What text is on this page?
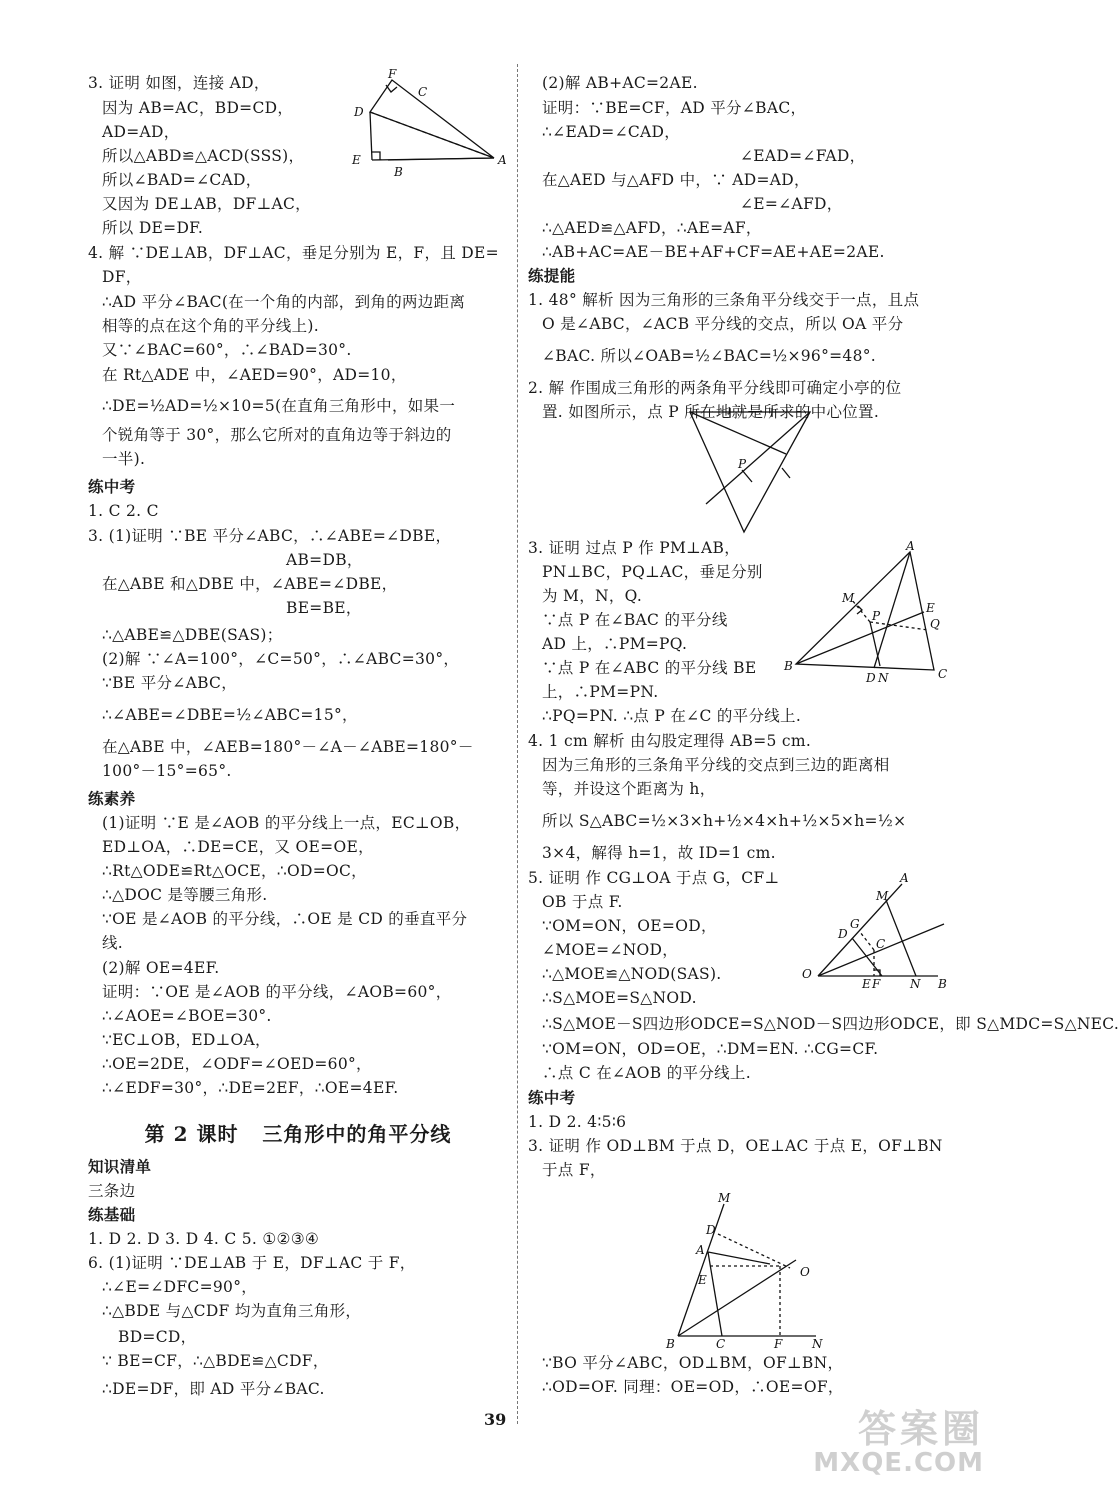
3. 证明 如图，连接 AD，
因为 AB=AC，BD=CD，
AD=AD，
所以△ABD≌△ACD(SSS)，
所以∠BAD=∠CAD，
又因为 DE⊥AB，DF⊥AC，
所以 DE=DF.
4. 解 ∵DE⊥AB，DF⊥AC，垂足分别为 E，F，且 DE=
DF，
∴AD 平分∠BAC(在一个角的内部，到角的两边距离
相等的点在这个角的平分线上).
又∵∠BAC=60°，∴∠BAD=30°.
在 Rt△ADE 中，∠AED=90°，AD=10，
∴DE=½AD=½×10=5(在直角三角形中，如果一
个锐角等于 30°，那么它所对的直角边等于斜边的
一半).
练中考
1. C 2. C
3. (1)证明 ∵BE 平分∠ABC，∴∠ABE=∠DBE，
AB=DB，
在△ABE 和△DBE 中，∠ABE=∠DBE，
BE=BE，
∴△ABE≌△DBE(SAS)；
(2)解 ∵∠A=100°，∠C=50°，∴∠ABC=30°，
∵BE 平分∠ABC，
∴∠ABE=∠DBE=½∠ABC=15°，
在△ABE 中，∠AEB=180°－∠A－∠ABE=180°－
100°－15°=65°.
练素养
(1)证明 ∵E 是∠AOB 的平分线上一点，EC⊥OB，
ED⊥OA，∴DE=CE，又 OE=OE，
∴Rt△ODE≌Rt△OCE，∴OD=OC，
∴△DOC 是等腰三角形.
∵OE 是∠AOB 的平分线，∴OE 是 CD 的垂直平分
线.
(2)解 OE=4EF.
证明：∵OE 是∠AOB 的平分线，∠AOB=60°，
∴∠AOE=∠BOE=30°.
∵EC⊥OB，ED⊥OA，
∴OE=2DE，∠ODF=∠OED=60°，
∴∠EDF=30°，∴DE=2EF，∴OE=4EF.
知识清单
三条边
练基础
1. D 2. D 3. D 4. C 5. ①②③④
6. (1)证明 ∵DE⊥AB 于 E，DF⊥AC 于 F，
∴∠E=∠DFC=90°，
∴△BDE 与△CDF 均为直角三角形，
BD=CD，
∵ BE=CF，∴△BDE≌△CDF，
∴DE=DF，即 AD 平分∠BAC.
第 2 课时   三角形中的角平分线
(2)解 AB+AC=2AE.
证明：∵BE=CF，AD 平分∠BAC，
∴∠EAD=∠CAD，
∠EAD=∠FAD，
在△AED 与△AFD 中，∵ AD=AD，
∠E=∠AFD，
∴△AED≌△AFD，∴AE=AF，
∴AB+AC=AE－BE+AF+CF=AE+AE=2AE.
练提能
1. 48° 解析 因为三角形的三条角平分线交于一点，且点
O 是∠ABC，∠ACB 平分线的交点，所以 OA 平分
∠BAC. 所以∠OAB=½∠BAC=½×96°=48°.
2. 解 作围成三角形的两条角平分线即可确定小亭的位
置. 如图所示，点 P 所在地就是所求的中心位置.
3. 证明 过点 P 作 PM⊥AB，
PN⊥BC，PQ⊥AC，垂足分别
为 M，N，Q.
∵点 P 在∠BAC 的平分线
AD 上，∴PM=PQ.
∵点 P 在∠ABC 的平分线 BE
上，∴PM=PN.
∴PQ=PN. ∴点 P 在∠C 的平分线上.
4. 1 cm 解析 由勾股定理得 AB=5 cm.
因为三角形的三条角平分线的交点到三边的距离相
等，并设这个距离为 h，
所以 S△ABC=½×3×h+½×4×h+½×5×h=½×
3×4，解得 h=1，故 ID=1 cm.
5. 证明 作 CG⊥OA 于点 G，CF⊥
OB 于点 F.
∵OM=ON，OE=OD，
∠MOE=∠NOD，
∴△MOE≌△NOD(SAS).
∴S△MOE=S△NOD.
∴S△MOE－S四边形ODCE=S△NOD－S四边形ODCE，即 S△MDC=S△NEC.
∵OM=ON，OD=OE，∴DM=EN. ∴CG=CF.
∴点 C 在∠AOB 的平分线上.
练中考
1. D 2. 4∶5∶6
3. 证明 作 OD⊥BM 于点 D，OE⊥AC 于点 E，OF⊥BN
于点 F，
∵BO 平分∠ABC，OD⊥BM，OF⊥BN，
∴OD=OF. 同理：OE=OD，∴OE=OF，
F
C
D
E
B
A
P
A
M
E
P
Q
B
D N	C
A
M
G
D
C
O
E F N B
M
D
A
E
O
B	C	F N
39	答案圈
MXQE.COM
